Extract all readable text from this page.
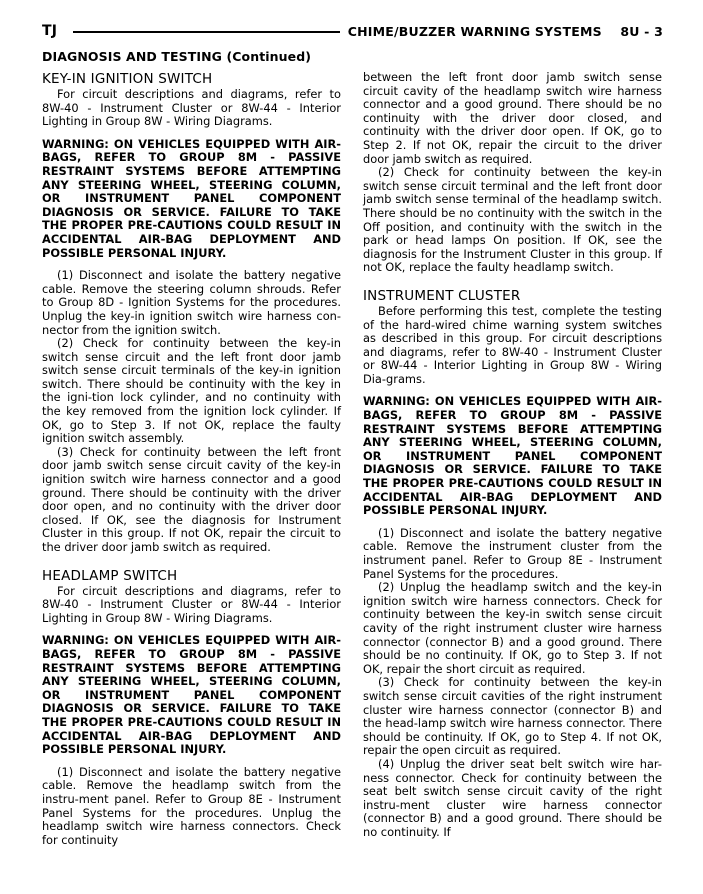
TJ	CHIME/BUZZER WARNING SYSTEMS 8U - 3
DIAGNOSIS AND TESTING (Continued)
KEY-IN IGNITION SWITCH

For circuit descriptions and diagrams, refer to 8W-40 - Instrument Cluster or 8W-44 - Interior Lighting in Group 8W - Wiring Diagrams.

WARNING: ON VEHICLES EQUIPPED WITH AIR-BAGS, REFER TO GROUP 8M - PASSIVE RESTRAINT SYSTEMS BEFORE ATTEMPTING ANY STEERING WHEEL, STEERING COLUMN, OR INSTRUMENT PANEL COMPONENT DIAGNOSIS OR SERVICE. FAILURE TO TAKE THE PROPER PRE-CAUTIONS COULD RESULT IN ACCIDENTAL AIR-BAG DEPLOYMENT AND POSSIBLE PERSONAL INJURY.

(1) Disconnect and isolate the battery negative cable. Remove the steering column shrouds. Refer to Group 8D - Ignition Systems for the procedures. Unplug the key-in ignition switch wire harness con-nector from the ignition switch.

(2) Check for continuity between the key-in switch sense circuit and the left front door jamb switch sense circuit terminals of the key-in ignition switch. There should be continuity with the key in the igni-tion lock cylinder, and no continuity with the key removed from the ignition lock cylinder. If OK, go to Step 3. If not OK, replace the faulty ignition switch assembly.

(3) Check for continuity between the left front door jamb switch sense circuit cavity of the key-in ignition switch wire harness connector and a good ground. There should be continuity with the driver door open, and no continuity with the driver door closed. If OK, see the diagnosis for Instrument Cluster in this group. If not OK, repair the circuit to the driver door jamb switch as required.

HEADLAMP SWITCH

For circuit descriptions and diagrams, refer to 8W-40 - Instrument Cluster or 8W-44 - Interior Lighting in Group 8W - Wiring Diagrams.

WARNING: ON VEHICLES EQUIPPED WITH AIR-BAGS, REFER TO GROUP 8M - PASSIVE RESTRAINT SYSTEMS BEFORE ATTEMPTING ANY STEERING WHEEL, STEERING COLUMN, OR INSTRUMENT PANEL COMPONENT DIAGNOSIS OR SERVICE. FAILURE TO TAKE THE PROPER PRE-CAUTIONS COULD RESULT IN ACCIDENTAL AIR-BAG DEPLOYMENT AND POSSIBLE PERSONAL INJURY.

(1) Disconnect and isolate the battery negative cable. Remove the headlamp switch from the instru-ment panel. Refer to Group 8E - Instrument Panel Systems for the procedures. Unplug the headlamp switch wire harness connectors. Check for continuity

between the left front door jamb switch sense circuit cavity of the headlamp switch wire harness connector and a good ground. There should be no continuity with the driver door closed, and continuity with the driver door open. If OK, go to Step 2. If not OK, repair the circuit to the driver door jamb switch as required.

(2) Check for continuity between the key-in switch sense circuit terminal and the left front door jamb switch sense terminal of the headlamp switch. There should be no continuity with the switch in the Off position, and continuity with the switch in the park or head lamps On position. If OK, see the diagnosis for the Instrument Cluster in this group. If not OK, replace the faulty headlamp switch.

INSTRUMENT CLUSTER

Before performing this test, complete the testing of the hard-wired chime warning system switches as described in this group. For circuit descriptions and diagrams, refer to 8W-40 - Instrument Cluster or 8W-44 - Interior Lighting in Group 8W - Wiring Dia-grams.

WARNING: ON VEHICLES EQUIPPED WITH AIR-BAGS, REFER TO GROUP 8M - PASSIVE RESTRAINT SYSTEMS BEFORE ATTEMPTING ANY STEERING WHEEL, STEERING COLUMN, OR INSTRUMENT PANEL COMPONENT DIAGNOSIS OR SERVICE. FAILURE TO TAKE THE PROPER PRE-CAUTIONS COULD RESULT IN ACCIDENTAL AIR-BAG DEPLOYMENT AND POSSIBLE PERSONAL INJURY.

(1) Disconnect and isolate the battery negative cable. Remove the instrument cluster from the instrument panel. Refer to Group 8E - Instrument Panel Systems for the procedures.

(2) Unplug the headlamp switch and the key-in ignition switch wire harness connectors. Check for continuity between the key-in switch sense circuit cavity of the right instrument cluster wire harness connector (connector B) and a good ground. There should be no continuity. If OK, go to Step 3. If not OK, repair the short circuit as required.

(3) Check for continuity between the key-in switch sense circuit cavities of the right instrument cluster wire harness connector (connector B) and the head-lamp switch wire harness connector. There should be continuity. If OK, go to Step 4. If not OK, repair the open circuit as required.

(4) Unplug the driver seat belt switch wire har-ness connector. Check for continuity between the seat belt switch sense circuit cavity of the right instru-ment cluster wire harness connector (connector B) and a good ground. There should be no continuity. If
